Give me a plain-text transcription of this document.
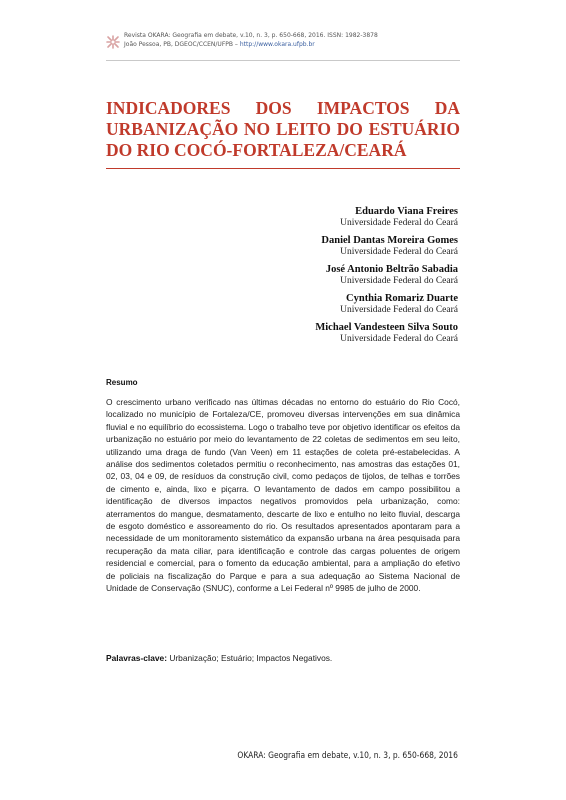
Revista OKARA: Geografia em debate, v.10, n. 3, p. 650-668, 2016. ISSN: 1982-3878
João Pessoa, PB, DGEOC/CCEN/UFPB – http://www.okara.ufpb.br
INDICADORES DOS IMPACTOS DA URBANIZAÇÃO NO LEITO DO ESTUÁRIO DO RIO COCÓ-FORTALEZA/CEARÁ
Eduardo Viana Freires
Universidade Federal do Ceará
Daniel Dantas Moreira Gomes
Universidade Federal do Ceará
José Antonio Beltrão Sabadia
Universidade Federal do Ceará
Cynthia Romariz Duarte
Universidade Federal do Ceará
Michael Vandesteen Silva Souto
Universidade Federal do Ceará
Resumo
O crescimento urbano verificado nas últimas décadas no entorno do estuário do Rio Cocó, localizado no município de Fortaleza/CE, promoveu diversas intervenções em sua dinâmica fluvial e no equilíbrio do ecossistema. Logo o trabalho teve por objetivo identificar os efeitos da urbanização no estuário por meio do levantamento de 22 coletas de sedimentos em seu leito, utilizando uma draga de fundo (Van Veen) em 11 estações de coleta pré-estabelecidas. A análise dos sedimentos coletados permitiu o reconhecimento, nas amostras das estações 01, 02, 03, 04 e 09, de resíduos da construção civil, como pedaços de tijolos, de telhas e torrões de cimento e, ainda, lixo e piçarra. O levantamento de dados em campo possibilitou a identificação de diversos impactos negativos promovidos pela urbanização, como: aterramentos do mangue, desmatamento, descarte de lixo e entulho no leito fluvial, descarga de esgoto doméstico e assoreamento do rio. Os resultados apresentados apontaram para a necessidade de um monitoramento sistemático da expansão urbana na área pesquisada para recuperação da mata ciliar, para identificação e controle das cargas poluentes de origem residencial e comercial, para o fomento da educação ambiental, para a ampliação do efetivo de policiais na fiscalização do Parque e para a sua adequação ao Sistema Nacional de Unidade de Conservação (SNUC), conforme a Lei Federal nº 9985 de julho de 2000.
Palavras-clave: Urbanização; Estuário; Impactos Negativos.
OKARA: Geografia em debate, v.10, n. 3, p. 650-668, 2016
